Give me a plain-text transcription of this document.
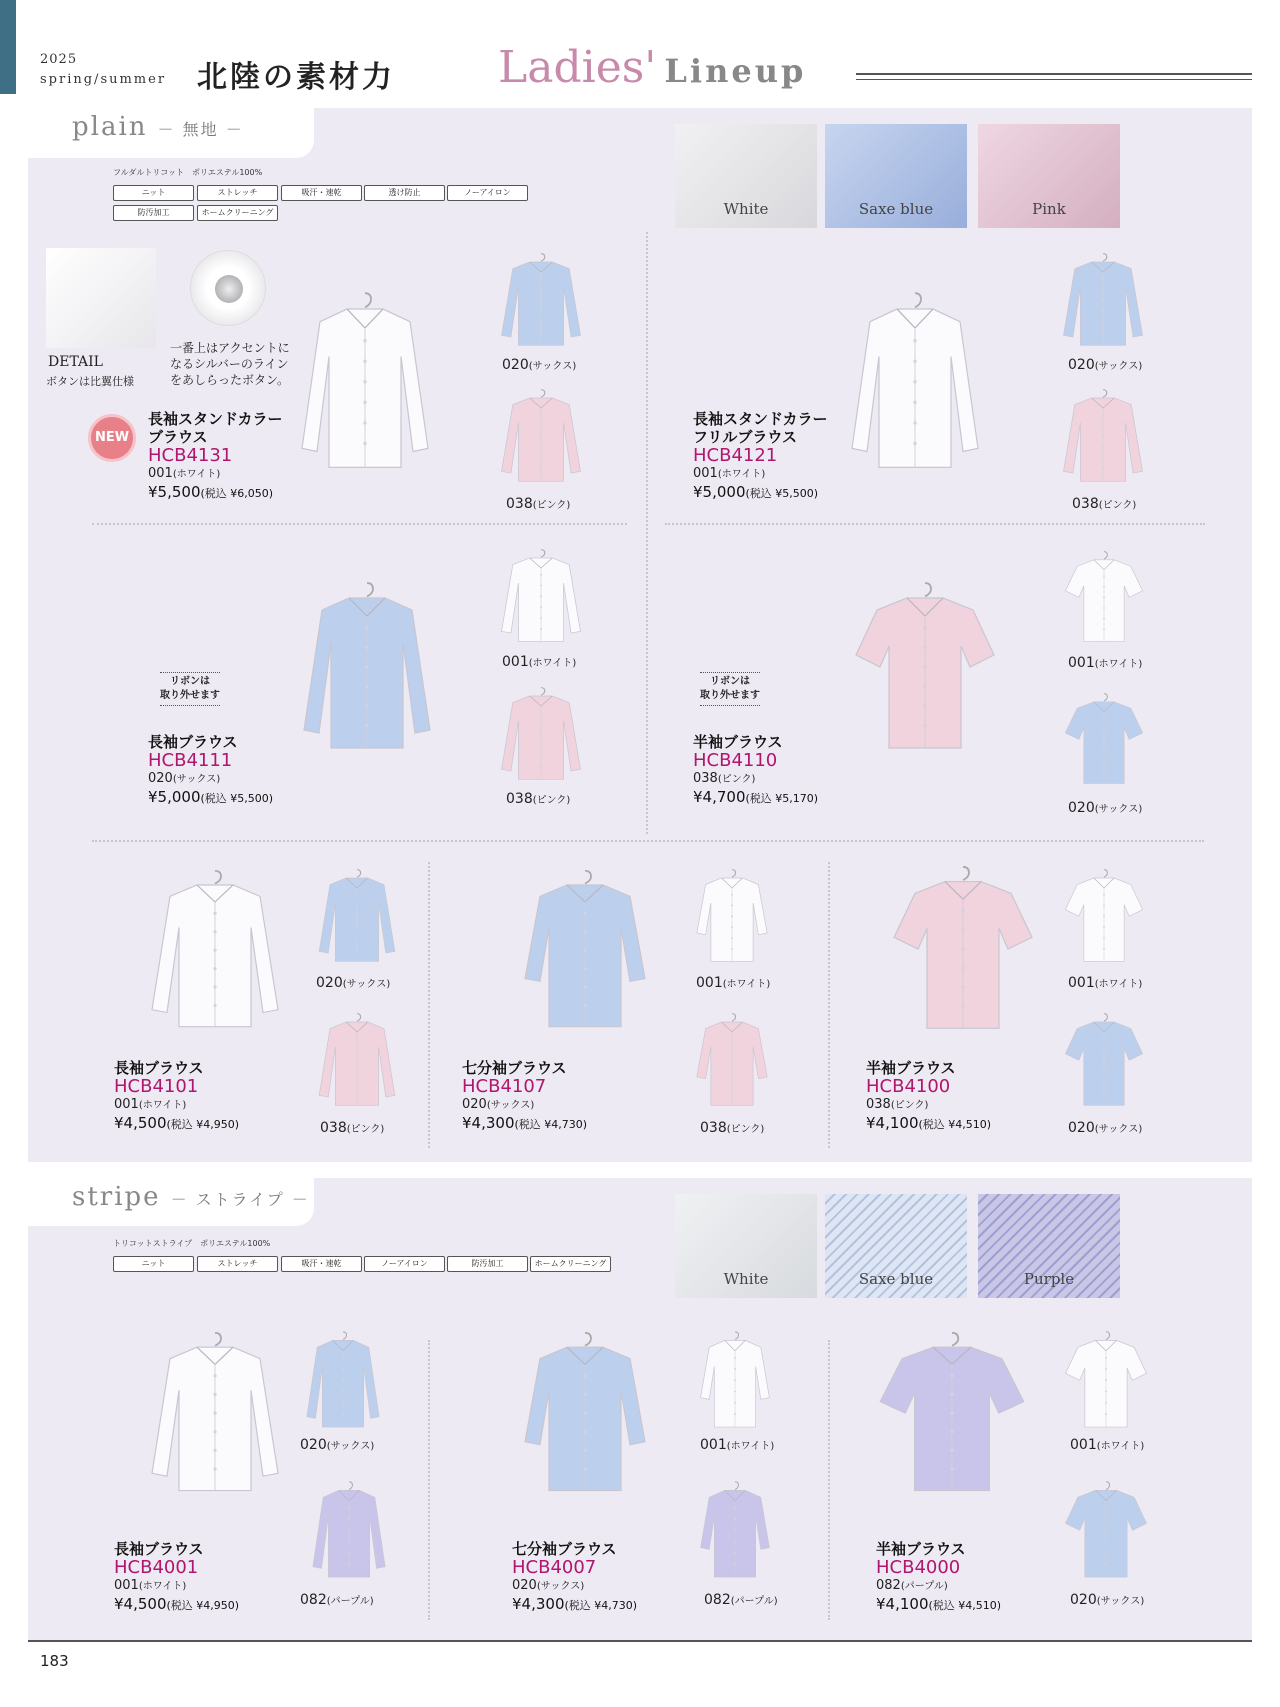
2025
spring/summer 北陸の素材力 Ladies' Lineup
plain － 無地 －
フルダルトリコット　ポリエステル100%
ニット	ストレッチ	吸汗・速乾	透け防止	ノーアイロン
防汚加工	ホームクリーニング	White	Saxe blue	Pink
DETAIL
ボタンは比翼仕様
一番上はアクセントに
なるシルバーのライン
をあしらったボタン。
NEW
020(サックス)
038(ピンク)
長袖スタンドカラー
ブラウス
HCB4131
001(ホワイト)
¥5,500(税込 ¥6,050)
020(サックス)
038(ピンク)
長袖スタンドカラー
フリルブラウス
HCB4121
001(ホワイト)
¥5,000(税込 ¥5,500)
001(ホワイト)
038(ピンク)
リボンは
取り外せます
長袖ブラウス
HCB4111
020(サックス)
¥5,000(税込 ¥5,500)
001(ホワイト)
020(サックス)
リボンは
取り外せます
半袖ブラウス
HCB4110
038(ピンク)
¥4,700(税込 ¥5,170)
020(サックス)
038(ピンク)
長袖ブラウス
HCB4101
001(ホワイト)
¥4,500(税込 ¥4,950)
001(ホワイト)
038(ピンク)
七分袖ブラウス
HCB4107
020(サックス)
¥4,300(税込 ¥4,730)
001(ホワイト)
020(サックス)
半袖ブラウス
HCB4100
038(ピンク)
¥4,100(税込 ¥4,510)
stripe － ストライプ －
トリコットストライプ　ポリエステル100%
ニット	ストレッチ	吸汗・速乾	ノーアイロン	防汚加工	ホームクリーニング
White	Saxe blue	Purple
020(サックス)
082(パープル)
長袖ブラウス
HCB4001
001(ホワイト)
¥4,500(税込 ¥4,950)
001(ホワイト)
082(パープル)
七分袖ブラウス
HCB4007
020(サックス)
¥4,300(税込 ¥4,730)
001(ホワイト)
020(サックス)
半袖ブラウス
HCB4000
082(パープル)
¥4,100(税込 ¥4,510)
183
